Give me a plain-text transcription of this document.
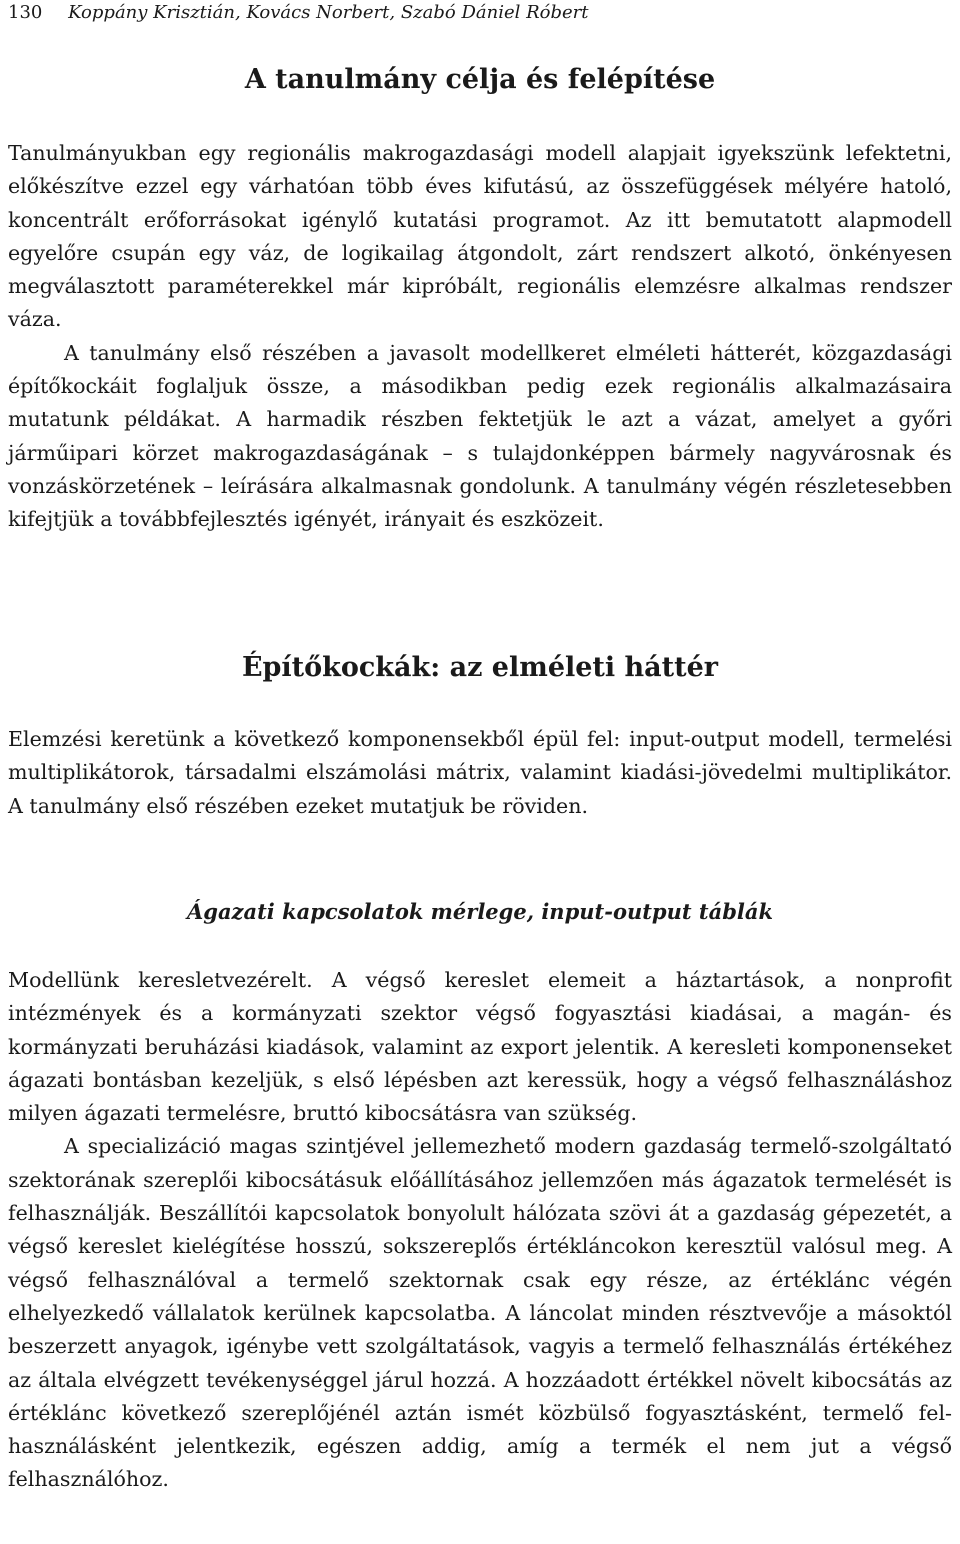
130 Koppány Krisztián, Kovács Norbert, Szabó Dániel Róbert
A tanulmány célja és felépítése

Tanulmányukban egy regionális makrogazdasági modell alapjait igyekszünk lefektetni, előkészítve ezzel egy várhatóan több éves kifutású, az összefüggések mélyére hatoló, koncentrált erőforrásokat igénylő kutatási programot. Az itt bemutatott alapmodell egyelőre csupán egy váz, de logikailag átgondolt, zárt rendszert alkotó, önkényesen megválasztott paraméterekkel már kipróbált, regionális elemzésre alkalmas rendszer váza.

A tanulmány első részében a javasolt modellkeret elméleti hátterét, közgazdasági építőkockáit foglaljuk össze, a másodikban pedig ezek regionális alkalmazásaira mutatunk példákat. A harmadik részben fektetjük le azt a vázat, amelyet a győri járműipari körzet makrogazdaságának – s tulajdonképpen bármely nagyvárosnak és vonzáskörzetének – leírására alkalmasnak gondolunk. A tanulmány végén részletesebben kifejtjük a továbbfejlesztés igényét, irányait és eszközeit.

Építőkockák: az elméleti háttér

Elemzési keretünk a következő komponensekből épül fel: input-output modell, termelési multiplikátorok, társadalmi elszámolási mátrix, valamint kiadási-jövedelmi multiplikátor. A tanulmány első részében ezeket mutatjuk be röviden.

Ágazati kapcsolatok mérlege, input-output táblák

Modellünk keresletvezérelt. A végső kereslet elemeit a háztartások, a nonprofit intézmények és a kormányzati szektor végső fogyasztási kiadásai, a magán- és kormányzati beruházási kiadások, valamint az export jelentik. A keresleti komponenseket ágazati bontásban kezeljük, s első lépésben azt keressük, hogy a végső felhasználáshoz milyen ágazati termelésre, bruttó kibocsátásra van szükség.

A specializáció magas szintjével jellemezhető modern gazdaság termelő-szolgáltató szektorának szereplői kibocsátásuk előállításához jellemzően más ágazatok termelését is felhasználják. Beszállítói kapcsolatok bonyolult hálózata szövi át a gazdaság gépezetét, a végső kereslet kielégítése hosszú, sokszereplős értékláncokon keresztül valósul meg. A végső felhasználóval a termelő szektornak csak egy része, az értéklánc végén elhelyezkedő vállalatok kerülnek kapcsolatba. A láncolat minden résztvevője a másoktól beszerzett anyagok, igénybe vett szolgáltatások, vagyis a termelő felhasználás értékéhez az általa elvégzett tevékenységgel járul hozzá. A hozzáadott értékkel növelt kibocsátás az értéklánc következő szereplőjénél aztán ismét közbülső fogyasztásként, termelő felhasználásként jelentkezik, egészen addig, amíg a termék el nem jut a végső felhasználóhoz.
